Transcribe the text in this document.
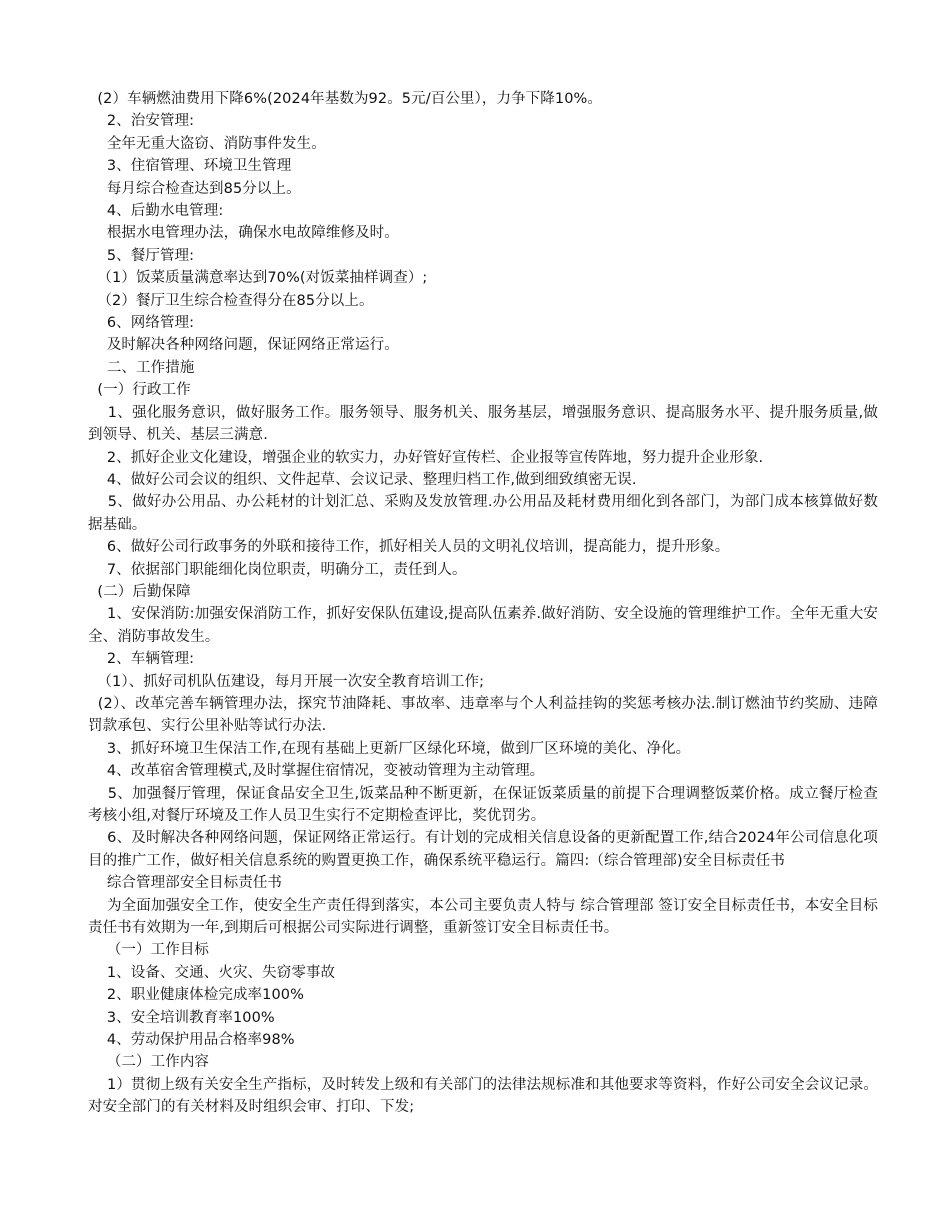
(2）车辆燃油费用下降6%(2024年基数为92。5元/百公里），力争下降10%。
2、治安管理:
全年无重大盗窃、消防事件发生。
3、住宿管理、环境卫生管理
每月综合检查达到85分以上。
4、后勤水电管理:
根据水电管理办法，确保水电故障维修及时。
5、餐厅管理:
（1）饭菜质量满意率达到70%(对饭菜抽样调查）;
（2）餐厅卫生综合检查得分在85分以上。
6、网络管理:
及时解决各种网络问题，保证网络正常运行。
二、工作措施
(一）行政工作
1、强化服务意识，做好服务工作。服务领导、服务机关、服务基层，增强服务意识、提高服务水平、提升服务质量,做到领导、机关、基层三满意.
2、抓好企业文化建设，增强企业的软实力，办好管好宣传栏、企业报等宣传阵地，努力提升企业形象.
4、做好公司会议的组织、文件起草、会议记录、整理归档工作,做到细致缜密无误.
5、做好办公用品、办公耗材的计划汇总、采购及发放管理.办公用品及耗材费用细化到各部门，为部门成本核算做好数据基础。
6、做好公司行政事务的外联和接待工作，抓好相关人员的文明礼仪培训，提高能力，提升形象。
7、依据部门职能细化岗位职责，明确分工，责任到人。
(二）后勤保障
1、安保消防:加强安保消防工作，抓好安保队伍建设,提高队伍素养.做好消防、安全设施的管理维护工作。全年无重大安全、消防事故发生。
2、车辆管理:
（1）、抓好司机队伍建设，每月开展一次安全教育培训工作;
(2）、改革完善车辆管理办法，探究节油降耗、事故率、违章率与个人利益挂钩的奖惩考核办法.制订燃油节约奖励、违障罚款承包、实行公里补贴等试行办法.
3、抓好环境卫生保洁工作,在现有基础上更新厂区绿化环境，做到厂区环境的美化、净化。
4、改革宿舍管理模式,及时掌握住宿情况，变被动管理为主动管理。
5、加强餐厅管理，保证食品安全卫生,饭菜品种不断更新，在保证饭菜质量的前提下合理调整饭菜价格。成立餐厅检查考核小组,对餐厅环境及工作人员卫生实行不定期检查评比，奖优罚劣。
6、及时解决各种网络问题，保证网络正常运行。有计划的完成相关信息设备的更新配置工作,结合2024年公司信息化项目的推广工作，做好相关信息系统的购置更换工作，确保系统平稳运行。篇四:（综合管理部)安全目标责任书
综合管理部安全目标责任书
为全面加强安全工作，使安全生产责任得到落实，本公司主要负责人特与 综合管理部 签订安全目标责任书，本安全目标责任书有效期为一年,到期后可根据公司实际进行调整，重新签订安全目标责任书。
（一）工作目标
1、设备、交通、火灾、失窃零事故
2、职业健康体检完成率100%
3、安全培训教育率100%
4、劳动保护用品合格率98%
（二）工作内容
1）贯彻上级有关安全生产指标，及时转发上级和有关部门的法律法规标准和其他要求等资料，作好公司安全会议记录。对安全部门的有关材料及时组织会审、打印、下发;
